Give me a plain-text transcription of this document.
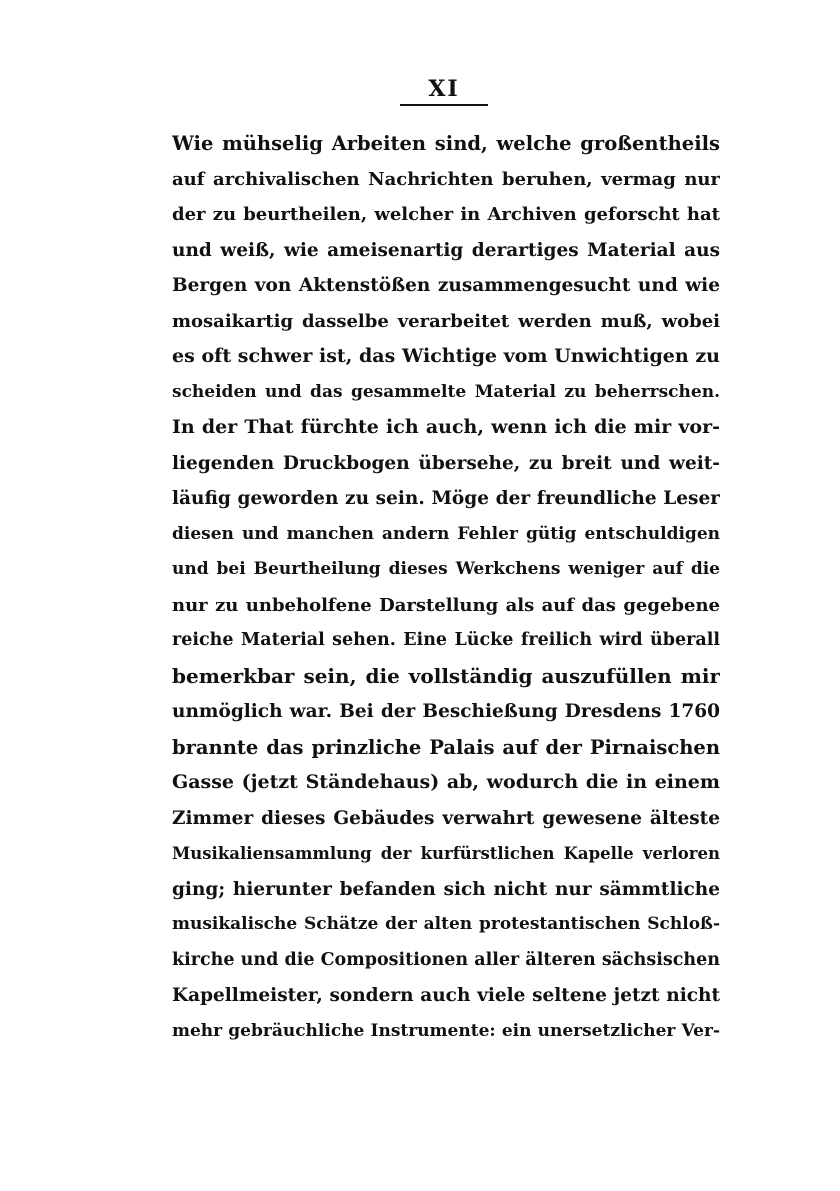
XI
Wie mühselig Arbeiten sind, welche großentheils
auf archivalischen Nachrichten beruhen, vermag nur
der zu beurtheilen, welcher in Archiven geforscht hat
und weiß, wie ameisenartig derartiges Material aus
Bergen von Aktenstößen zusammengesucht und wie
mosaikartig dasselbe verarbeitet werden muß, wobei
es oft schwer ist, das Wichtige vom Unwichtigen zu
scheiden und das gesammelte Material zu beherrschen.
In der That fürchte ich auch, wenn ich die mir vor-
liegenden Druckbogen übersehe, zu breit und weit-
läufig geworden zu sein. Möge der freundliche Leser
diesen und manchen andern Fehler gütig entschuldigen
und bei Beurtheilung dieses Werkchens weniger auf die
nur zu unbeholfene Darstellung als auf das gegebene
reiche Material sehen. Eine Lücke freilich wird überall
bemerkbar sein, die vollständig auszufüllen mir
unmöglich war. Bei der Beschießung Dresdens 1760
brannte das prinzliche Palais auf der Pirnaischen
Gasse (jetzt Ständehaus) ab, wodurch die in einem
Zimmer dieses Gebäudes verwahrt gewesene älteste
Musikaliensammlung der kurfürstlichen Kapelle verloren
ging; hierunter befanden sich nicht nur sämmtliche
musikalische Schätze der alten protestantischen Schloß-
kirche und die Compositionen aller älteren sächsischen
Kapellmeister, sondern auch viele seltene jetzt nicht
mehr gebräuchliche Instrumente: ein unersetzlicher Ver-
